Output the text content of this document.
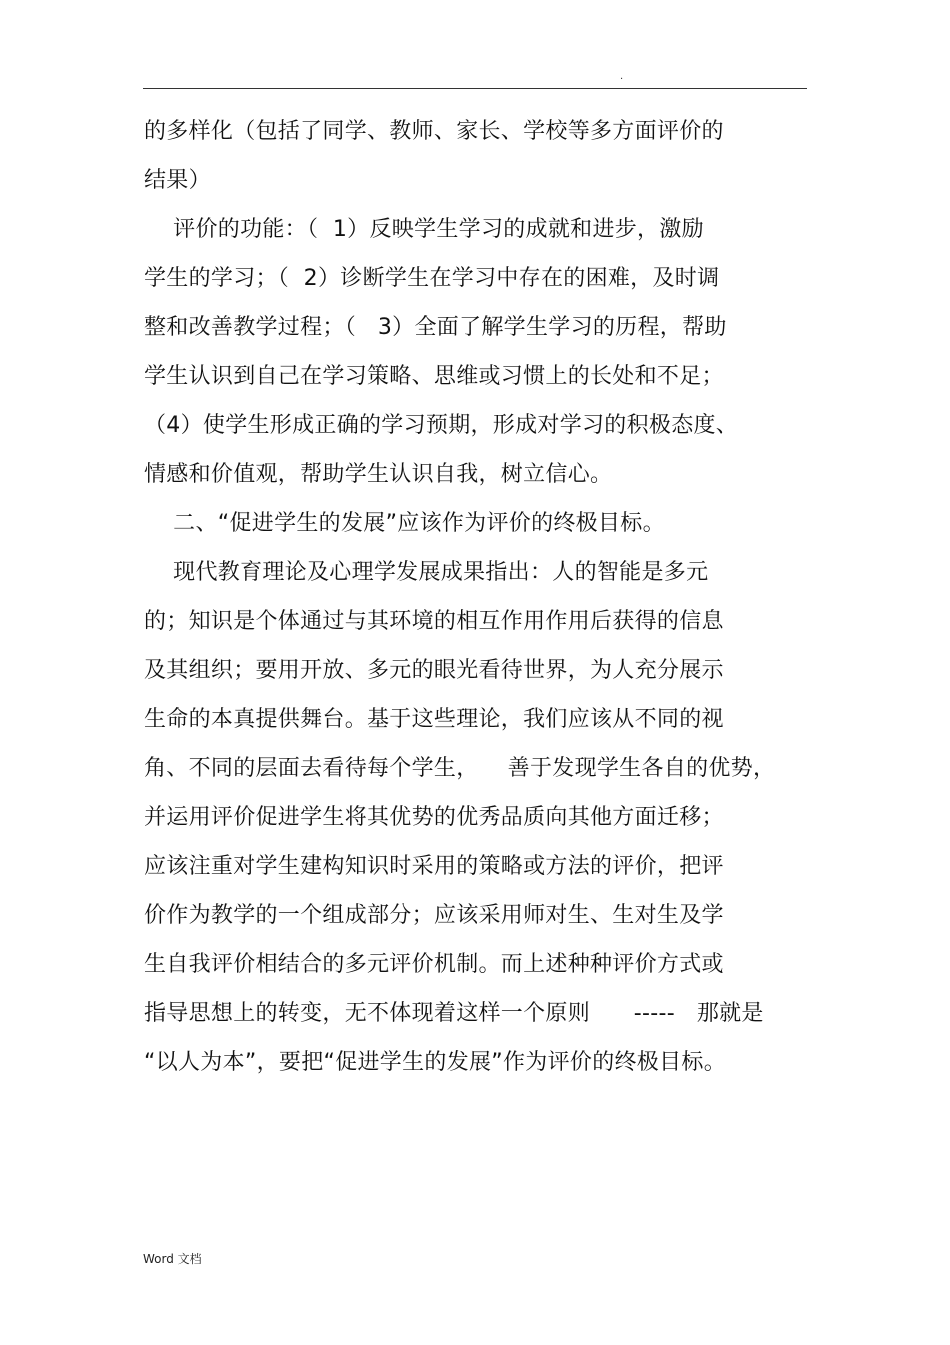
.
的多样化（包括了同学、教师、家长、学校等多方面评价的
结果）
评价的功能：（  1）反映学生学习的成就和进步，激励
学生的学习；（  2）诊断学生在学习中存在的困难，及时调
整和改善教学过程；（   3）全面了解学生学习的历程，帮助
学生认识到自己在学习策略、思维或习惯上的长处和不足；
（4）使学生形成正确的学习预期，形成对学习的积极态度、
情感和价值观，帮助学生认识自我，树立信心。
二、“促进学生的发展”应该作为评价的终极目标。
现代教育理论及心理学发展成果指出：人的智能是多元
的；知识是个体通过与其环境的相互作用作用后获得的信息
及其组织；要用开放、多元的眼光看待世界，为人充分展示
生命的本真提供舞台。基于这些理论，我们应该从不同的视
角、不同的层面去看待每个学生，    善于发现学生各自的优势，
并运用评价促进学生将其优势的优秀品质向其他方面迁移；
应该注重对学生建构知识时采用的策略或方法的评价，把评
价作为教学的一个组成部分；应该采用师对生、生对生及学
生自我评价相结合的多元评价机制。而上述种种评价方式或
指导思想上的转变，无不体现着这样一个原则      -----   那就是
“以人为本”，要把“促进学生的发展”作为评价的终极目标。
Word 文档
